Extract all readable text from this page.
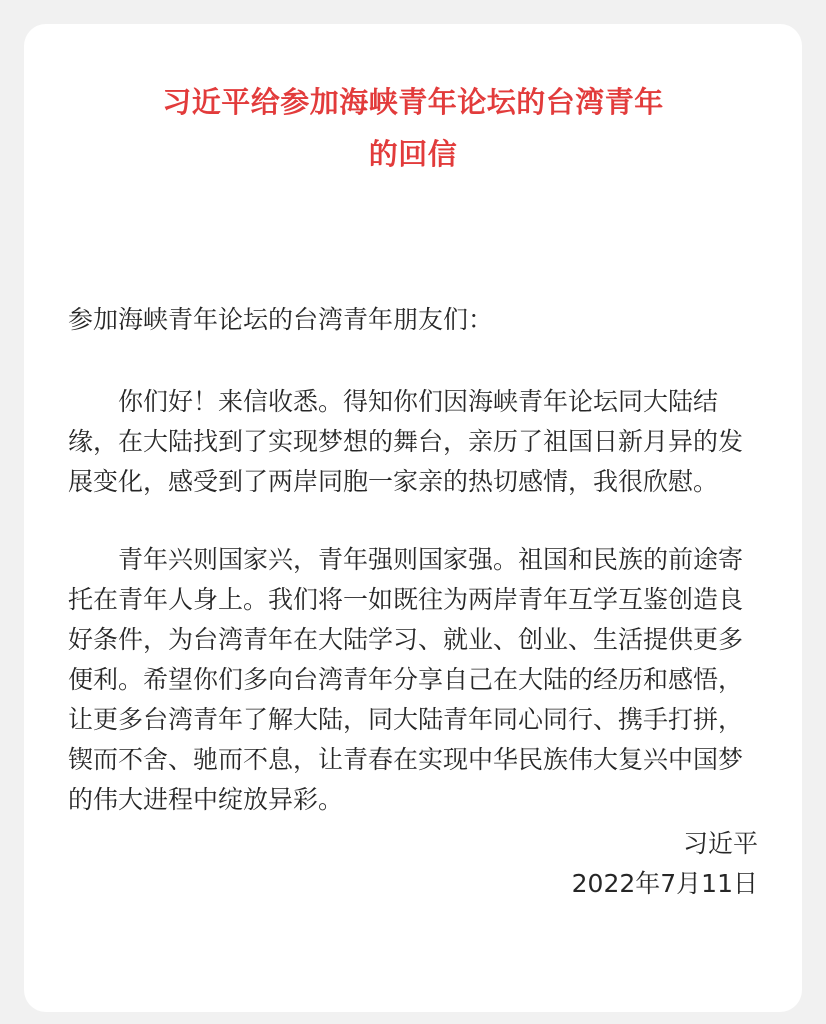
习近平给参加海峡青年论坛的台湾青年
的回信

参加海峡青年论坛的台湾青年朋友们：

你们好！来信收悉。得知你们因海峡青年论坛同大陆结
缘，在大陆找到了实现梦想的舞台，亲历了祖国日新月异的发
展变化，感受到了两岸同胞一家亲的热切感情，我很欣慰。

青年兴则国家兴，青年强则国家强。祖国和民族的前途寄
托在青年人身上。我们将一如既往为两岸青年互学互鉴创造良
好条件，为台湾青年在大陆学习、就业、创业、生活提供更多
便利。希望你们多向台湾青年分享自己在大陆的经历和感悟，
让更多台湾青年了解大陆，同大陆青年同心同行、携手打拼，
锲而不舍、驰而不息，让青春在实现中华民族伟大复兴中国梦
的伟大进程中绽放异彩。

习近平

2022年7月11日
